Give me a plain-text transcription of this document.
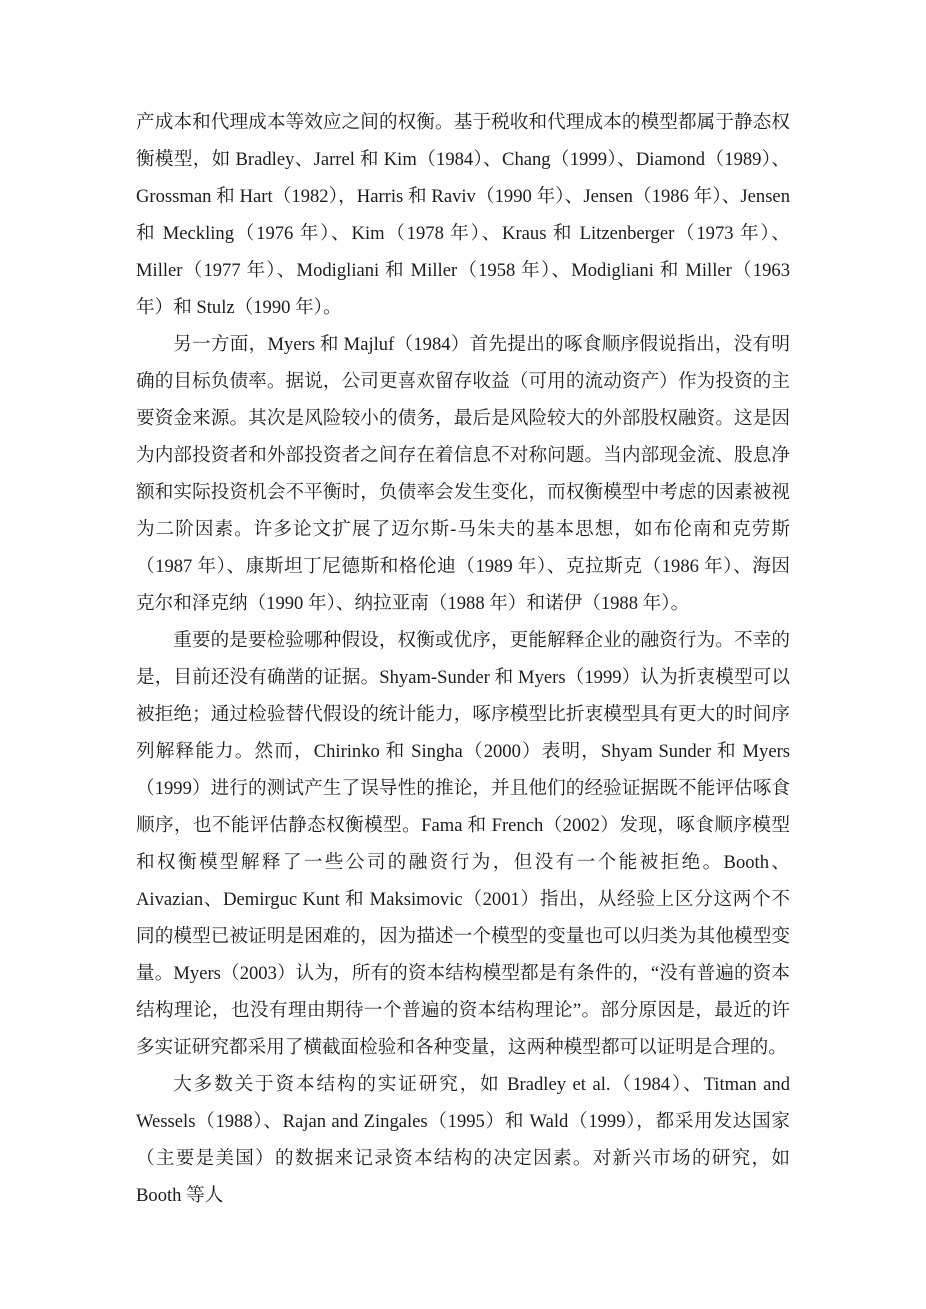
产成本和代理成本等效应之间的权衡。基于税收和代理成本的模型都属于静态权衡模型，如 Bradley、Jarrel 和 Kim（1984）、Chang（1999）、Diamond（1989）、Grossman 和 Hart（1982），Harris 和 Raviv（1990 年）、Jensen（1986 年）、Jensen 和 Meckling（1976 年）、Kim（1978 年）、Kraus 和 Litzenberger（1973 年）、Miller（1977 年）、Modigliani 和 Miller（1958 年）、Modigliani 和 Miller（1963 年）和 Stulz（1990 年）。

另一方面，Myers 和 Majluf（1984）首先提出的啄食顺序假说指出，没有明确的目标负债率。据说，公司更喜欢留存收益（可用的流动资产）作为投资的主要资金来源。其次是风险较小的债务，最后是风险较大的外部股权融资。这是因为内部投资者和外部投资者之间存在着信息不对称问题。当内部现金流、股息净额和实际投资机会不平衡时，负债率会发生变化，而权衡模型中考虑的因素被视为二阶因素。许多论文扩展了迈尔斯-马朱夫的基本思想，如布伦南和克劳斯（1987 年）、康斯坦丁尼德斯和格伦迪（1989 年）、克拉斯克（1986 年）、海因克尔和泽克纳（1990 年）、纳拉亚南（1988 年）和诺伊（1988 年）。

重要的是要检验哪种假设，权衡或优序，更能解释企业的融资行为。不幸的是，目前还没有确凿的证据。Shyam-Sunder 和 Myers（1999）认为折衷模型可以被拒绝；通过检验替代假设的统计能力，啄序模型比折衷模型具有更大的时间序列解释能力。然而，Chirinko 和 Singha（2000）表明，Shyam Sunder 和 Myers（1999）进行的测试产生了误导性的推论，并且他们的经验证据既不能评估啄食顺序，也不能评估静态权衡模型。Fama 和 French（2002）发现，啄食顺序模型和权衡模型解释了一些公司的融资行为，但没有一个能被拒绝。Booth、Aivazian、Demirguc Kunt 和 Maksimovic（2001）指出，从经验上区分这两个不同的模型已被证明是困难的，因为描述一个模型的变量也可以归类为其他模型变量。Myers（2003）认为，所有的资本结构模型都是有条件的，“没有普遍的资本结构理论，也没有理由期待一个普遍的资本结构理论”。部分原因是，最近的许多实证研究都采用了横截面检验和各种变量，这两种模型都可以证明是合理的。

大多数关于资本结构的实证研究，如 Bradley et al.（1984）、Titman and Wessels（1988）、Rajan and Zingales（1995）和 Wald（1999），都采用发达国家（主要是美国）的数据来记录资本结构的决定因素。对新兴市场的研究，如 Booth 等人
